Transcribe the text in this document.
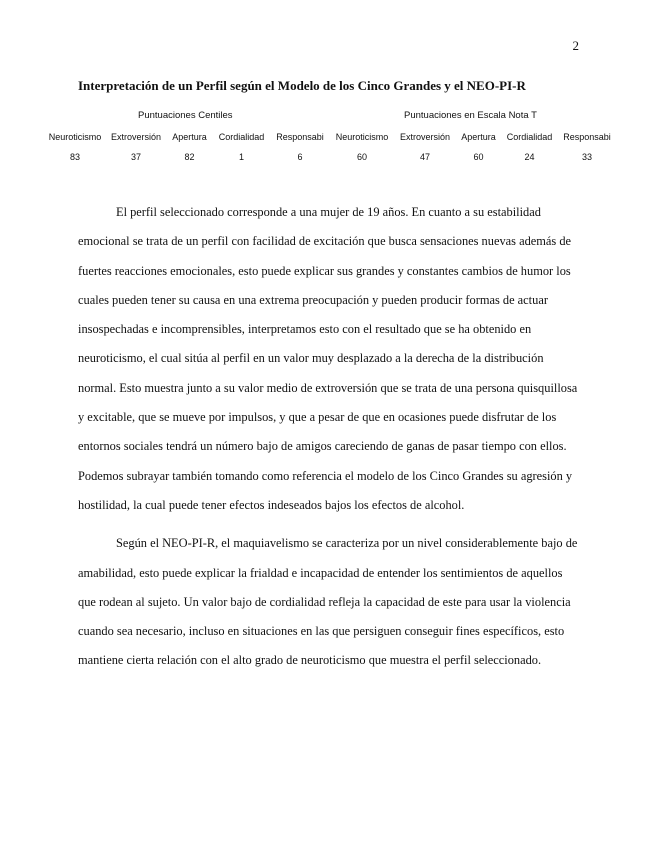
2
Interpretación de un Perfil según el Modelo de los Cinco Grandes y el NEO-PI-R
Puntuaciones Centiles	Puntuaciones en Escala Nota T
Neuroticismo	Extroversión	Apertura	Cordialidad	Responsabi	Neuroticismo	Extroversión	Apertura	Cordialidad	Responsabi
83	37	82	1	6	60	47	60	24	33

El perfil seleccionado corresponde a una mujer de 19 años. En cuanto a su estabilidad emocional se trata de un perfil con facilidad de excitación que busca sensaciones nuevas además de fuertes reacciones emocionales, esto puede explicar sus grandes y constantes cambios de humor los cuales pueden tener su causa en una extrema preocupación y pueden producir formas de actuar insospechadas e incomprensibles, interpretamos esto con el resultado que se ha obtenido en neuroticismo, el cual sitúa al perfil en un valor muy desplazado a la derecha de la distribución normal. Esto muestra junto a su valor medio de extroversión que se trata de una persona quisquillosa y excitable, que se mueve por impulsos, y que a pesar de que en ocasiones puede disfrutar de los entornos sociales tendrá un número bajo de amigos careciendo de ganas de pasar tiempo con ellos. Podemos subrayar también tomando como referencia el modelo de los Cinco Grandes su agresión y hostilidad, la cual puede tener efectos indeseados bajos los efectos de alcohol.

Según el NEO-PI-R, el maquiavelismo se caracteriza por un nivel considerablemente bajo de amabilidad, esto puede explicar la frialdad e incapacidad de entender los sentimientos de aquellos que rodean al sujeto. Un valor bajo de cordialidad refleja la capacidad de este para usar la violencia cuando sea necesario, incluso en situaciones en las que persiguen conseguir fines específicos, esto mantiene cierta relación con el alto grado de neuroticismo que muestra el perfil seleccionado.
